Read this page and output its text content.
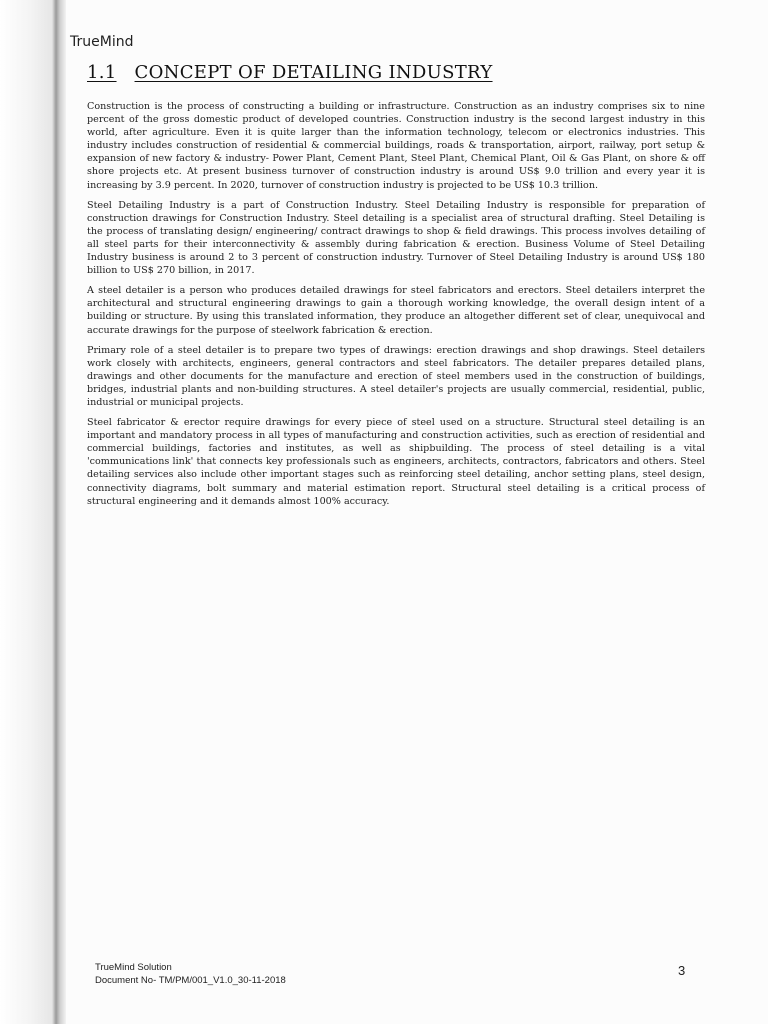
TrueMind
1.1 CONCEPT OF DETAILING INDUSTRY

Construction is the process of constructing a building or infrastructure. Construction as an industry comprises six to nine percent of the gross domestic product of developed countries. Construction industry is the second largest industry in this world, after agriculture. Even it is quite larger than the information technology, telecom or electronics industries. This industry includes construction of residential & commercial buildings, roads & transportation, airport, railway, port setup & expansion of new factory & industry- Power Plant, Cement Plant, Steel Plant, Chemical Plant, Oil & Gas Plant, on shore & off shore projects etc. At present business turnover of construction industry is around US$ 9.0 trillion and every year it is increasing by 3.9 percent. In 2020, turnover of construction industry is projected to be US$ 10.3 trillion.

Steel Detailing Industry is a part of Construction Industry. Steel Detailing Industry is responsible for preparation of construction drawings for Construction Industry. Steel detailing is a specialist area of structural drafting. Steel Detailing is the process of translating design/ engineering/ contract drawings to shop & field drawings. This process involves detailing of all steel parts for their interconnectivity & assembly during fabrication & erection. Business Volume of Steel Detailing Industry business is around 2 to 3 percent of construction industry. Turnover of Steel Detailing Industry is around US$ 180 billion to US$ 270 billion, in 2017.

A steel detailer is a person who produces detailed drawings for steel fabricators and erectors. Steel detailers interpret the architectural and structural engineering drawings to gain a thorough working knowledge, the overall design intent of a building or structure. By using this translated information, they produce an altogether different set of clear, unequivocal and accurate drawings for the purpose of steelwork fabrication & erection.

Primary role of a steel detailer is to prepare two types of drawings: erection drawings and shop drawings. Steel detailers work closely with architects, engineers, general contractors and steel fabricators. The detailer prepares detailed plans, drawings and other documents for the manufacture and erection of steel members used in the construction of buildings, bridges, industrial plants and non-building structures. A steel detailer's projects are usually commercial, residential, public, industrial or municipal projects.

Steel fabricator & erector require drawings for every piece of steel used on a structure. Structural steel detailing is an important and mandatory process in all types of manufacturing and construction activities, such as erection of residential and commercial buildings, factories and institutes, as well as shipbuilding. The process of steel detailing is a vital 'communications link' that connects key professionals such as engineers, architects, contractors, fabricators and others. Steel detailing services also include other important stages such as reinforcing steel detailing, anchor setting plans, steel design, connectivity diagrams, bolt summary and material estimation report. Structural steel detailing is a critical process of structural engineering and it demands almost 100% accuracy.

TrueMind Solution
Document No- TM/PM/001_V1.0_30-11-2018
3
